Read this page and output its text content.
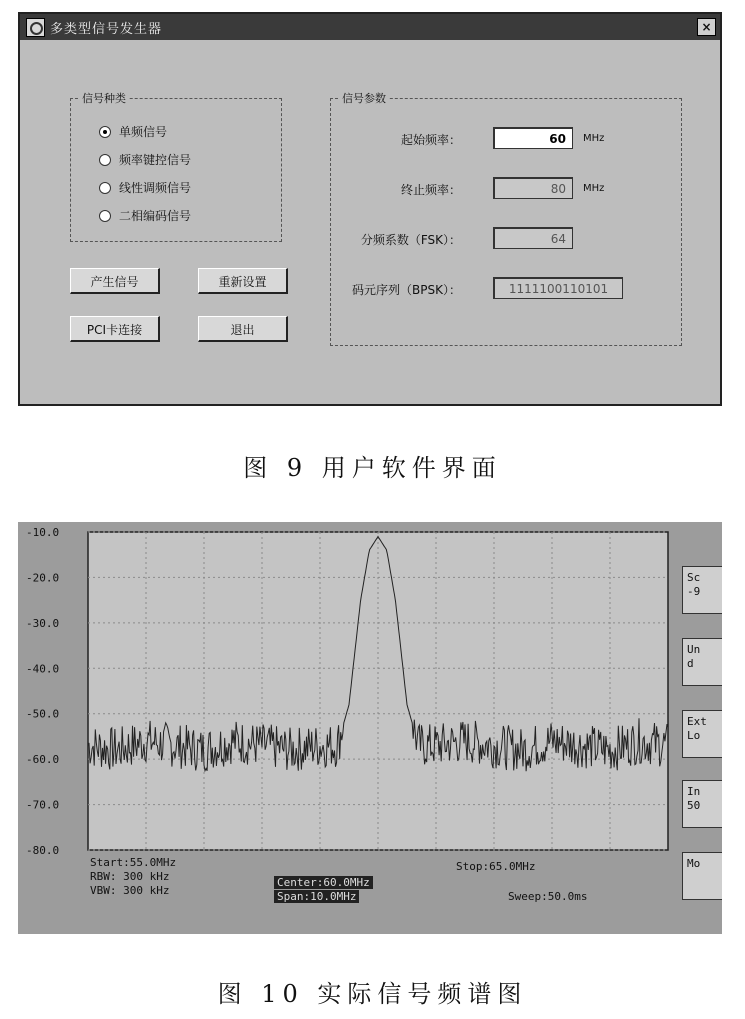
多类型信号发生器	×
信号种类
单频信号
频率键控信号
线性调频信号
二相编码信号
产生信号	重新设置
PCI卡连接	退出
信号参数
起始频率：	60	MHz
终止频率：	80	MHz
分频系数（FSK）：	64
码元序列（BPSK）：	1111100110101
图 9 用户软件界面
-10.0
-20.0
-30.0
-40.0
-50.0
-60.0
-70.0
-80.0
Sc
-9
Un
d
Ext
Lo
In
50
Mo
Start:55.0MHz
RBW: 300 kHz
VBW: 300 kHz
Center:60.0MHz
Span:10.0MHz
Stop:65.0MHz
Sweep:50.0ms
图 10 实际信号频谱图
